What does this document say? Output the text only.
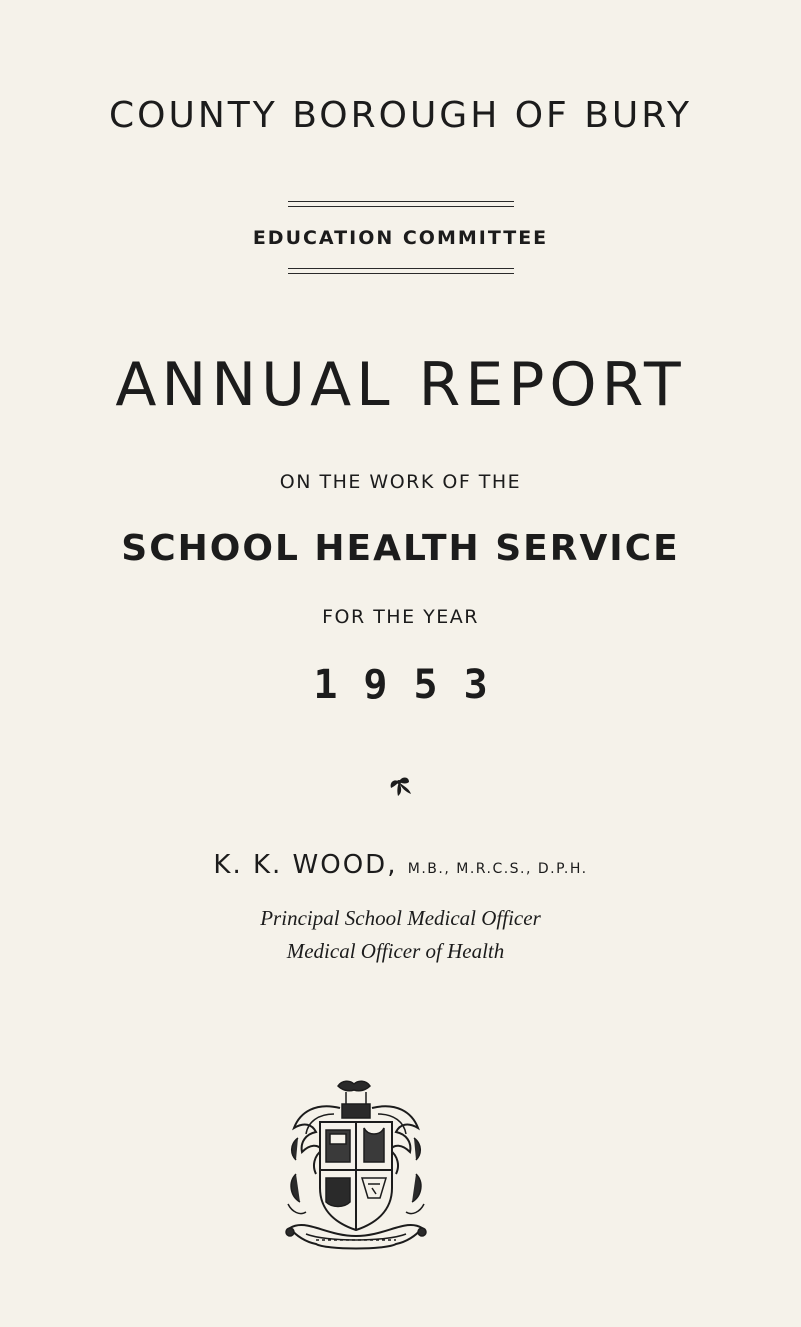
COUNTY BOROUGH OF BURY
EDUCATION COMMITTEE
ANNUAL REPORT
ON THE WORK OF THE
SCHOOL HEALTH SERVICE
FOR THE YEAR
1953
K. K. WOOD, M.B., M.R.C.S., D.P.H.
Principal School Medical Officer
Medical Officer of Health
